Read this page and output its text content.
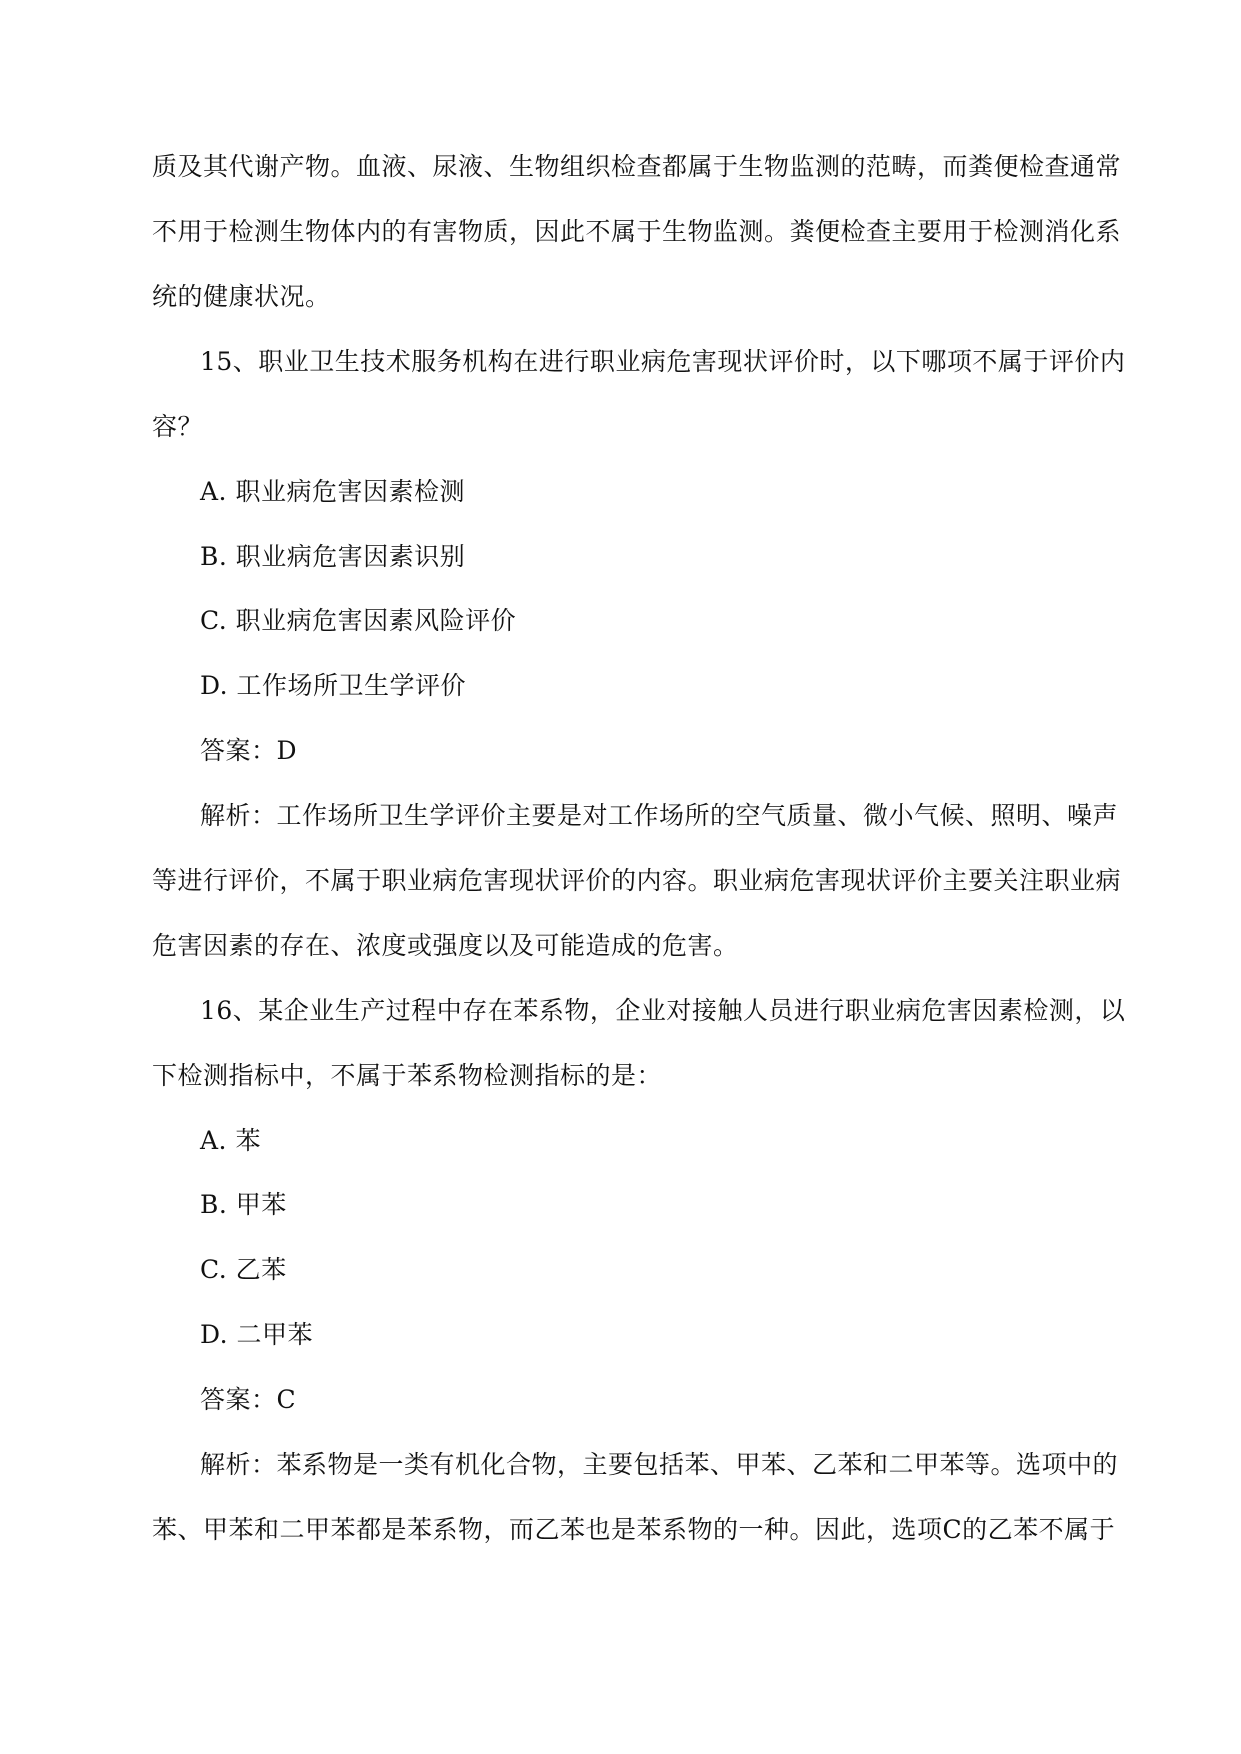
质及其代谢产物。血液、尿液、生物组织检查都属于生物监测的范畴，而粪便检查通常
不用于检测生物体内的有害物质，因此不属于生物监测。粪便检查主要用于检测消化系
统的健康状况。
15、职业卫生技术服务机构在进行职业病危害现状评价时，以下哪项不属于评价内
容？
A. 职业病危害因素检测
B. 职业病危害因素识别
C. 职业病危害因素风险评价
D. 工作场所卫生学评价
答案：D
解析：工作场所卫生学评价主要是对工作场所的空气质量、微小气候、照明、噪声
等进行评价，不属于职业病危害现状评价的内容。职业病危害现状评价主要关注职业病
危害因素的存在、浓度或强度以及可能造成的危害。
16、某企业生产过程中存在苯系物，企业对接触人员进行职业病危害因素检测，以
下检测指标中，不属于苯系物检测指标的是：
A. 苯
B. 甲苯
C. 乙苯
D. 二甲苯
答案：C
解析：苯系物是一类有机化合物，主要包括苯、甲苯、乙苯和二甲苯等。选项中的
苯、甲苯和二甲苯都是苯系物，而乙苯也是苯系物的一种。因此，选项C的乙苯不属于
